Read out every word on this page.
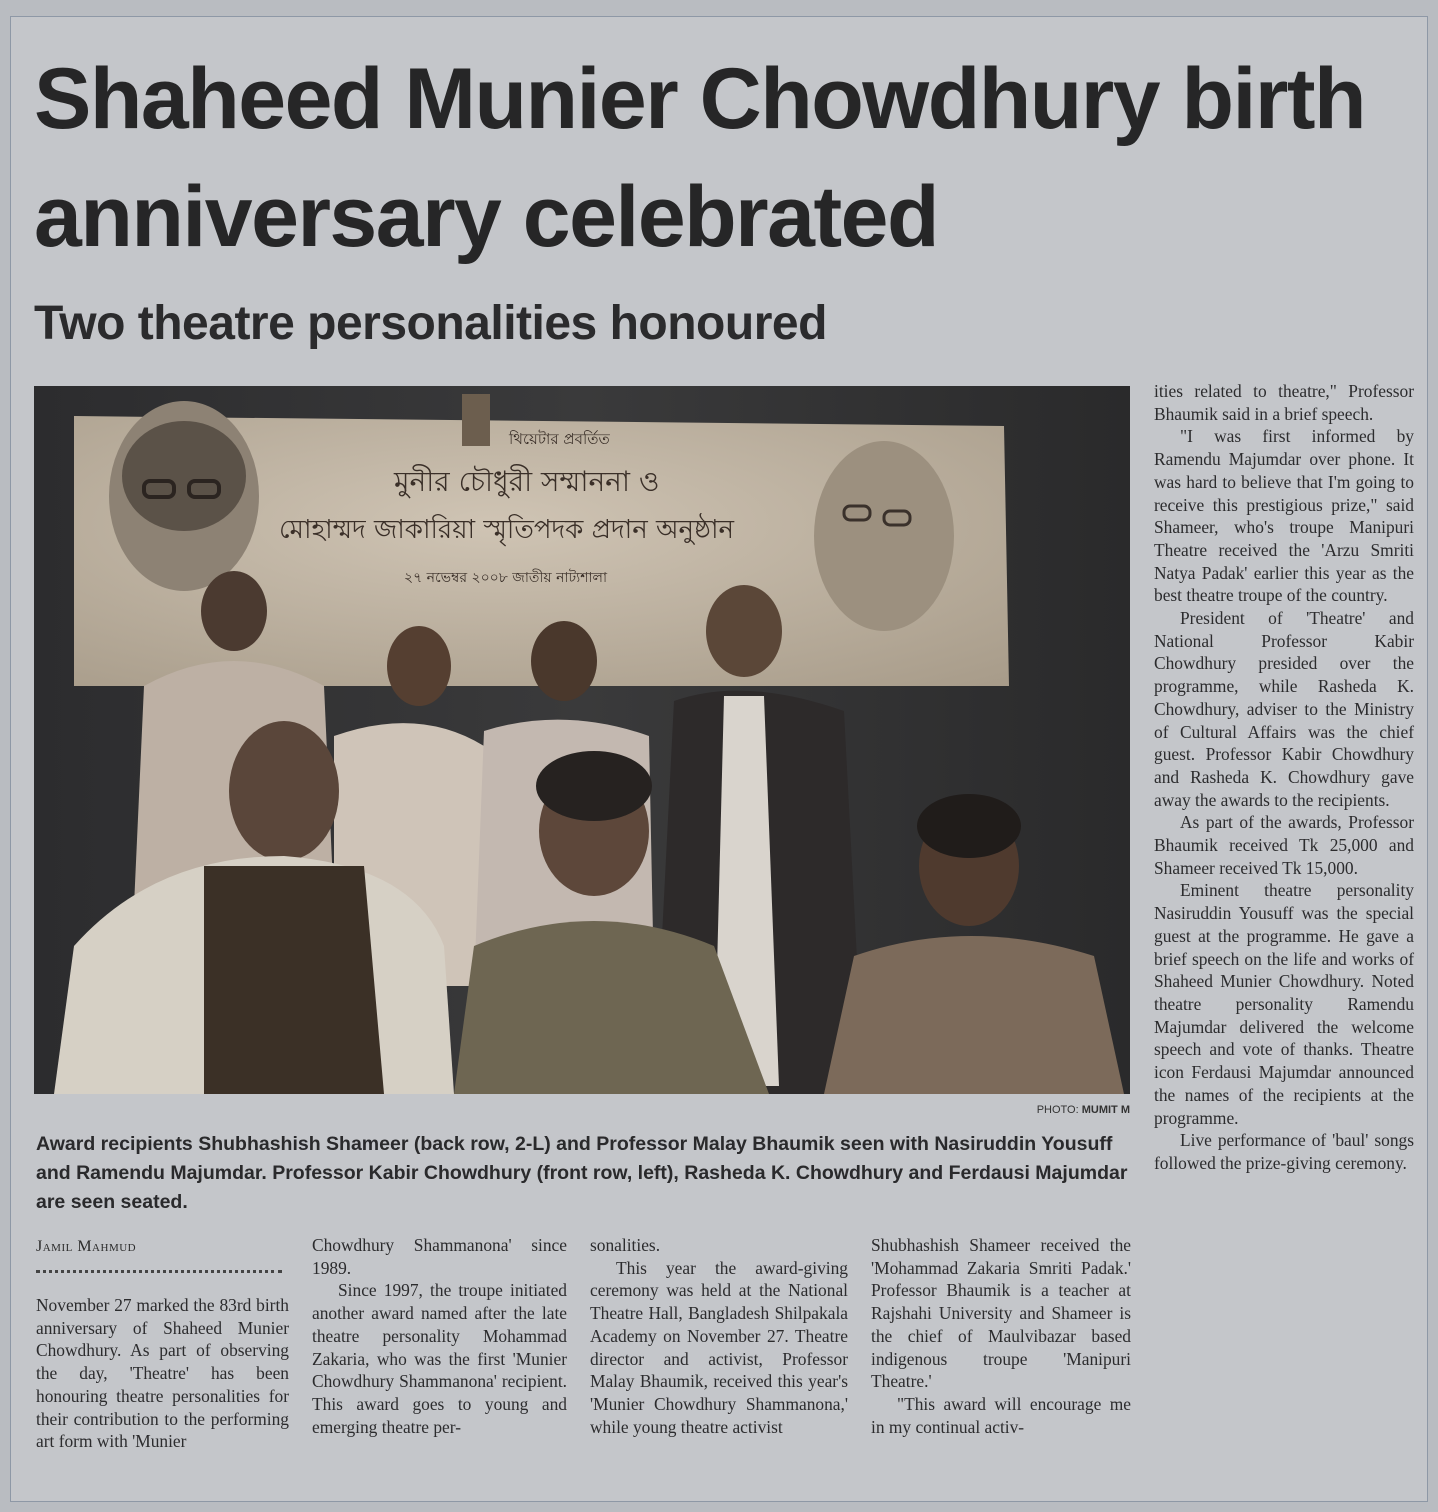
Shaheed Munier Chowdhury birth anniversary celebrated
Two theatre personalities honoured
থিয়েটার প্রবর্তিত
মুনীর চৌধুরী সম্মাননা ও
মোহাম্মদ জাকারিয়া স্মৃতিপদক প্রদান অনুষ্ঠান
২৭ নভেম্বর ২০০৮ জাতীয় নাট্যশালা
PHOTO: MUMIT M
Award recipients Shubhashish Shameer (back row, 2-L) and Professor Malay Bhaumik seen with Nasiruddin Yousuff and Ramendu Majumdar. Professor Kabir Chowdhury (front row, left), Rasheda K. Chowdhury and Ferdausi Majumdar are seen seated.
Jamil Mahmud

November 27 marked the 83rd birth anniversary of Shaheed Munier Chowdhury. As part of observing the day, 'Theatre' has been honouring theatre personalities for their contribution to the performing art form with 'Munier

Chowdhury Shammanona' since 1989.

Since 1997, the troupe initiated another award named after the late theatre personality Mohammad Zakaria, who was the first 'Munier Chowdhury Shammanona' recipient. This award goes to young and emerging theatre per-

sonalities.

This year the award-giving ceremony was held at the National Theatre Hall, Bangladesh Shilpakala Academy on November 27. Theatre director and activist, Professor Malay Bhaumik, received this year's 'Munier Chowdhury Shammanona,' while young theatre activist

Shubhashish Shameer received the 'Mohammad Zakaria Smriti Padak.' Professor Bhaumik is a teacher at Rajshahi University and Shameer is the chief of Maulvibazar based indigenous troupe 'Manipuri Theatre.'

"This award will encourage me in my continual activ-

ities related to theatre," Professor Bhaumik said in a brief speech.

"I was first informed by Ramendu Majumdar over phone. It was hard to believe that I'm going to receive this prestigious prize," said Shameer, who's troupe Manipuri Theatre received the 'Arzu Smriti Natya Padak' earlier this year as the best theatre troupe of the country.

President of 'Theatre' and National Professor Kabir Chowdhury presided over the programme, while Rasheda K. Chowdhury, adviser to the Ministry of Cultural Affairs was the chief guest. Professor Kabir Chowdhury and Rasheda K. Chowdhury gave away the awards to the recipients.

As part of the awards, Professor Bhaumik received Tk 25,000 and Shameer received Tk 15,000.

Eminent theatre personality Nasiruddin Yousuff was the special guest at the programme. He gave a brief speech on the life and works of Shaheed Munier Chowdhury. Noted theatre personality Ramendu Majumdar delivered the welcome speech and vote of thanks. Theatre icon Ferdausi Majumdar announced the names of the recipients at the programme.

Live performance of 'baul' songs followed the prize-giving ceremony.
